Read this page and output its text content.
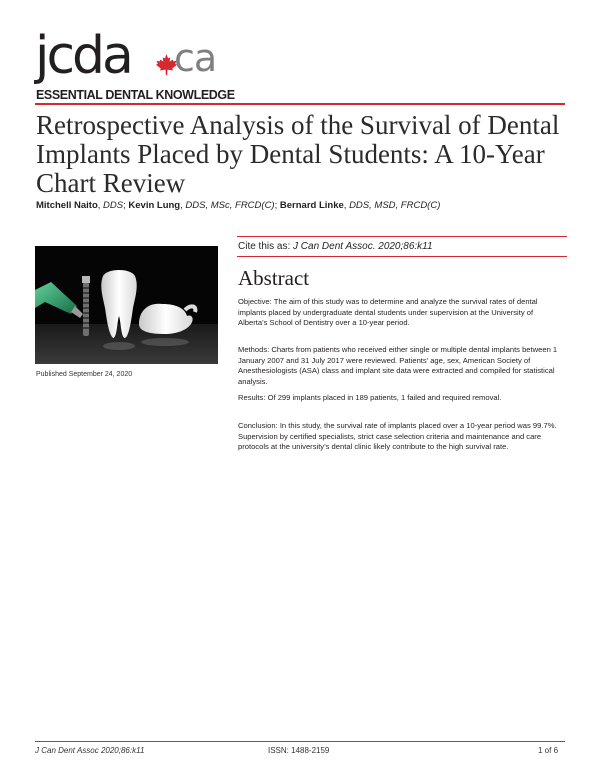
jcda ca
ESSENTIAL DENTAL KNOWLEDGE
Retrospective Analysis of the Survival of Dental Implants Placed by Dental Students: A 10-Year Chart Review
Mitchell Naito, DDS; Kevin Lung, DDS, MSc, FRCD(C); Bernard Linke, DDS, MSD, FRCD(C)
Published September 24, 2020
Cite this as: J Can Dent Assoc. 2020;86:k11
Abstract

Objective: The aim of this study was to determine and analyze the survival rates of dental implants placed by undergraduate dental students under supervision at the University of Alberta’s School of Dentistry over a 10-year period.

Methods: Charts from patients who received either single or multiple dental implants between 1 January 2007 and 31 July 2017 were reviewed. Patients’ age, sex, American Society of Anesthesiologists (ASA) class and implant site data were extracted and compiled for statistical analysis.

Results: Of 299 implants placed in 189 patients, 1 failed and required removal.

Conclusion: In this study, the survival rate of implants placed over a 10-year period was 99.7%. Supervision by certified specialists, strict case selection criteria and maintenance and care protocols at the university’s dental clinic likely contribute to the high survival rate.

J Can Dent Assoc 2020;86:k11	ISSN: 1488-2159	1 of 6
